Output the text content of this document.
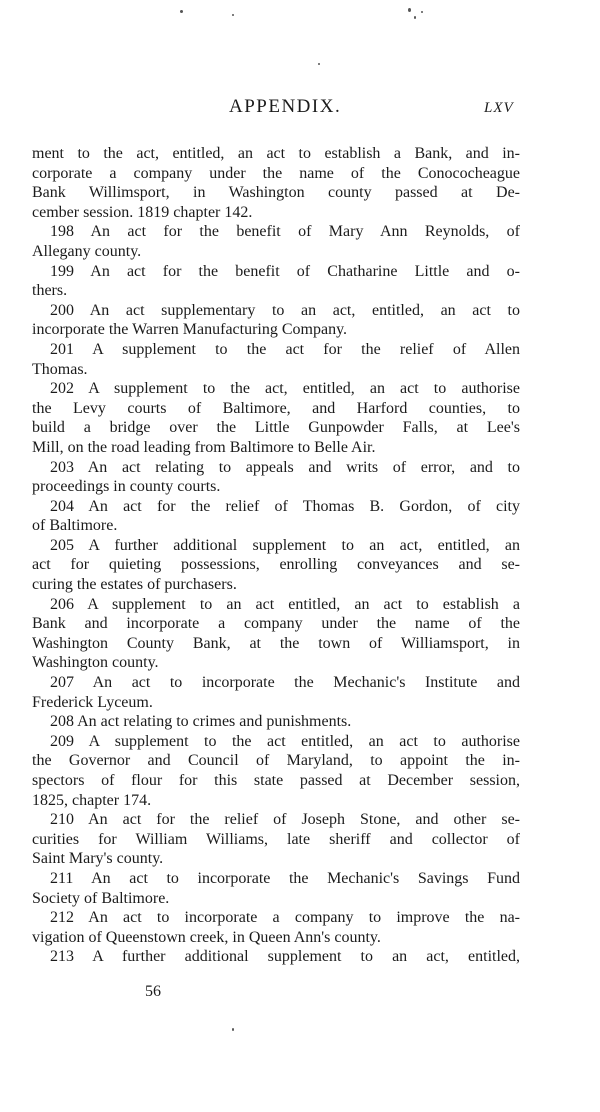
APPENDIX.	LXV
ment to the act, entitled, an act to establish a Bank, and in-
corporate a company under the name of the Conococheague
Bank Willimsport, in Washington county passed at De-
cember session. 1819 chapter 142.
198 An act for the benefit of Mary Ann Reynolds, of
Allegany county.
199 An act for the benefit of Chatharine Little and o-
thers.
200 An act supplementary to an act, entitled, an act to
incorporate the Warren Manufacturing Company.
201 A supplement to the act for the relief of Allen
Thomas.
202 A supplement to the act, entitled, an act to authorise
the Levy courts of Baltimore, and Harford counties, to
build a bridge over the Little Gunpowder Falls, at Lee's
Mill, on the road leading from Baltimore to Belle Air.
203 An act relating to appeals and writs of error, and to
proceedings in county courts.
204 An act for the relief of Thomas B. Gordon, of city
of Baltimore.
205 A further additional supplement to an act, entitled, an
act for quieting possessions, enrolling conveyances and se-
curing the estates of purchasers.
206 A supplement to an act entitled, an act to establish a
Bank and incorporate a company under the name of the
Washington County Bank, at the town of Williamsport, in
Washington county.
207 An act to incorporate the Mechanic's Institute and
Frederick Lyceum.
208 An act relating to crimes and punishments.
209 A supplement to the act entitled, an act to authorise
the Governor and Council of Maryland, to appoint the in-
spectors of flour for this state passed at December session,
1825, chapter 174.
210 An act for the relief of Joseph Stone, and other se-
curities for William Williams, late sheriff and collector of
Saint Mary's county.
211 An act to incorporate the Mechanic's Savings Fund
Society of Baltimore.
212 An act to incorporate a company to improve the na-
vigation of Queenstown creek, in Queen Ann's county.
213 A further additional supplement to an act, entitled,
56
